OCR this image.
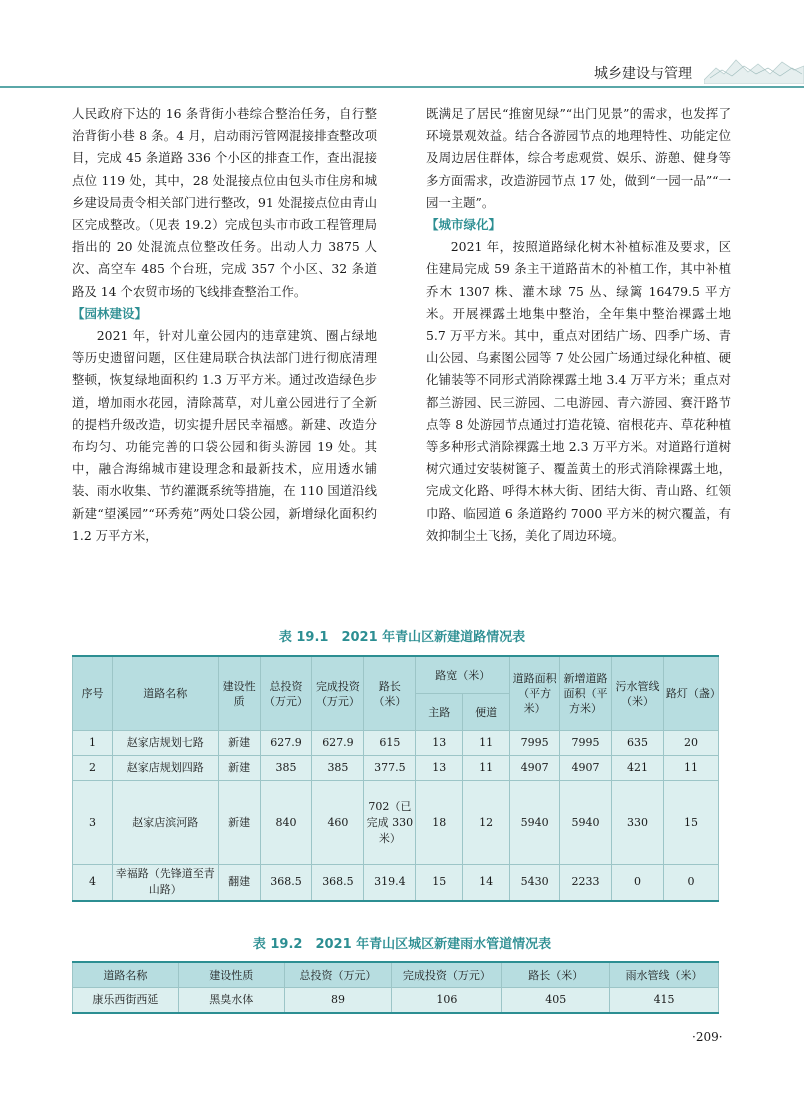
城乡建设与管理

人民政府下达的 16 条背街小巷综合整治任务，自行整治背街小巷 8 条。4 月，启动雨污管网混接排查整改项目，完成 45 条道路 336 个小区的排查工作，查出混接点位 119 处，其中，28 处混接点位由包头市住房和城乡建设局责令相关部门进行整改，91 处混接点位由青山区完成整改。（见表 19.2）完成包头市市政工程管理局指出的 20 处混流点位整改任务。出动人力 3875 人次、高空车 485 个台班，完成 357 个小区、32 条道路及 14 个农贸市场的飞线排查整治工作。

【园林建设】

2021 年，针对儿童公园内的违章建筑、圈占绿地等历史遗留问题，区住建局联合执法部门进行彻底清理整顿，恢复绿地面积约 1.3 万平方米。通过改造绿色步道，增加雨水花园，清除蒿草，对儿童公园进行了全新的提档升级改造，切实提升居民幸福感。新建、改造分布均匀、功能完善的口袋公园和街头游园 19 处。其中，融合海绵城市建设理念和最新技术，应用透水铺装、雨水收集、节约灌溉系统等措施，在 110 国道沿线新建“望溪园”“环秀苑”两处口袋公园，新增绿化面积约 1.2 万平方米，

既满足了居民“推窗见绿”“出门见景”的需求，也发挥了环境景观效益。结合各游园节点的地理特性、功能定位及周边居住群体，综合考虑观赏、娱乐、游憩、健身等多方面需求，改造游园节点 17 处，做到“一园一品”“一园一主题”。

【城市绿化】

2021 年，按照道路绿化树木补植标准及要求，区住建局完成 59 条主干道路苗木的补植工作，其中补植乔木 1307 株、灌木球 75 丛、绿篱 16479.5 平方米。开展裸露土地集中整治，全年集中整治裸露土地 5.7 万平方米。其中，重点对团结广场、四季广场、青山公园、乌素图公园等 7 处公园广场通过绿化种植、硬化铺装等不同形式消除裸露土地 3.4 万平方米；重点对都兰游园、民三游园、二电游园、青六游园、赛汗路节点等 8 处游园节点通过打造花镜、宿根花卉、草花种植等多种形式消除裸露土地 2.3 万平方米。对道路行道树树穴通过安装树篦子、覆盖黄土的形式消除裸露土地，完成文化路、呼得木林大街、团结大街、青山路、红领巾路、临园道 6 条道路约 7000 平方米的树穴覆盖，有效抑制尘土飞扬，美化了周边环境。

表 19.1　2021 年青山区新建道路情况表
序号	道路名称	建设性质	总投资（万元）	完成投资（万元）	路长（米）	路宽（米）		道路面积（平方米）	新增道路面积（平方米）	污水管线（米）	路灯（盏）
						主路	便道				
1	赵家店规划七路	新建	627.9	627.9	615	13	11	7995	7995	635	20
2	赵家店规划四路	新建	385	385	377.5	13	11	4907	4907	421	11
3	赵家店滨河路	新建	840	460	702（已完成 330 米）	18	12	5940	5940	330	15
4	幸福路（先锋道至青山路）	翻建	368.5	368.5	319.4	15	14	5430	2233	0	0
表 19.2　2021 年青山区城区新建雨水管道情况表
道路名称	建设性质	总投资（万元）	完成投资（万元）	路长（米）	雨水管线（米）
康乐西街西延	黑臭水体	89	106	405	415
·209·
